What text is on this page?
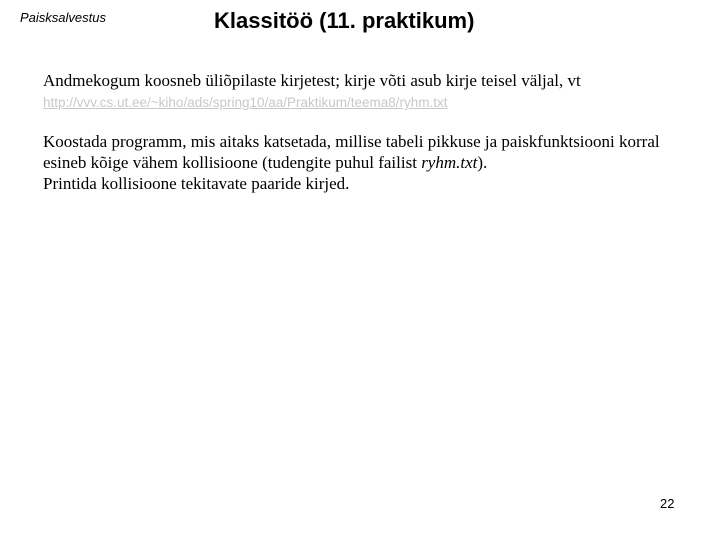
Paisksalvestus	Klassitöö (11. praktikum)

Andmekogum koosneb üliõpilaste kirjetest; kirje võti asub kirje teisel väljal, vt
http://vvv.cs.ut.ee/~kiho/ads/spring10/aa/Praktikum/teema8/ryhm.txt

Koostada programm, mis aitaks katsetada, millise tabeli pikkuse ja paiskfunktsiooni korral
esineb kõige vähem kollisioone (tudengite puhul failist ryhm.txt).
Printida kollisioone tekitavate paaride kirjed.

22
